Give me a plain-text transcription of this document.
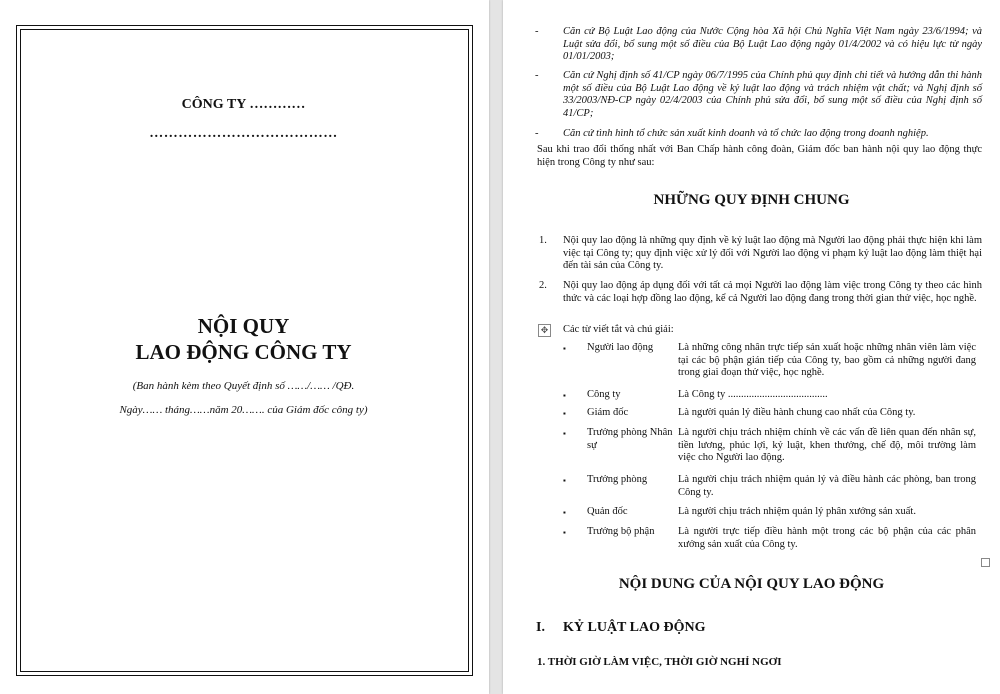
CÔNG TY …………
…………………………………
NỘI QUY
LAO ĐỘNG CÔNG TY
(Ban hành kèm theo Quyết định số ……/…… /QĐ.
Ngày…… tháng……năm 20……. của Giám đốc công ty)
- Căn cứ Bộ Luật Lao động của Nước Cộng hòa Xã hội Chủ Nghĩa Việt Nam ngày 23/6/1994; và Luật sửa đổi, bổ sung một số điều của Bộ Luật Lao động ngày 01/4/2002 và có hiệu lực từ ngày 01/01/2003;
- Căn cứ Nghị định số 41/CP ngày 06/7/1995 của Chính phủ quy định chi tiết và hướng dẫn thi hành một số điều của Bộ Luật Lao động về kỷ luật lao động và trách nhiệm vật chất; và Nghị định số 33/2003/NĐ-CP ngày 02/4/2003 của Chính phủ sửa đổi, bổ sung một số điều của Nghị định số 41/CP;
- Căn cứ tình hình tổ chức sản xuất kinh doanh và tổ chức lao động trong doanh nghiệp.
Sau khi trao đổi thống nhất với Ban Chấp hành công đoàn, Giám đốc ban hành nội quy lao động thực hiện trong Công ty như sau:
NHỮNG QUY ĐỊNH CHUNG
1. Nội quy lao động là những quy định về kỷ luật lao động mà Người lao động phải thực hiện khi làm việc tại Công ty; quy định việc xử lý đối với Người lao động vi phạm kỷ luật lao động làm thiệt hại đến tài sản của Công ty.
2. Nội quy lao động áp dụng đối với tất cả mọi Người lao động làm việc trong Công ty theo các hình thức và các loại hợp đồng lao động, kể cả Người lao động đang trong thời gian thử việc, học nghề.
✥ Các từ viết tắt và chú giải:
▪ Người lao động	Là những công nhân trực tiếp sản xuất hoặc những nhân viên làm việc tại các bộ phận gián tiếp của Công ty, bao gồm cả những người đang trong giai đoạn thử việc, học nghề.
▪ Công ty	Là Công ty ......................................
▪ Giám đốc	Là người quản lý điều hành chung cao nhất của Công ty.
▪ Trưởng phòng Nhân sự
Là người chịu trách nhiệm chính về các vấn đề liên quan đến nhân sự, tiền lương, phúc lợi, kỷ luật, khen thưởng, chế độ, môi trường làm việc cho Người lao động.
▪ Trưởng phòng	Là người chịu trách nhiệm quản lý và điều hành các phòng, ban trong Công ty.
▪ Quản đốc	Là người chịu trách nhiệm quản lý phân xưởng sản xuất.
▪ Trưởng bộ phận	Là người trực tiếp điều hành một trong các bộ phận của các phân xưởng sản xuất của Công ty.
NỘI DUNG CỦA NỘI QUY LAO ĐỘNG
I. KỶ LUẬT LAO ĐỘNG
1. THỜI GIỜ LÀM VIỆC, THỜI GIỜ NGHỈ NGƠI
